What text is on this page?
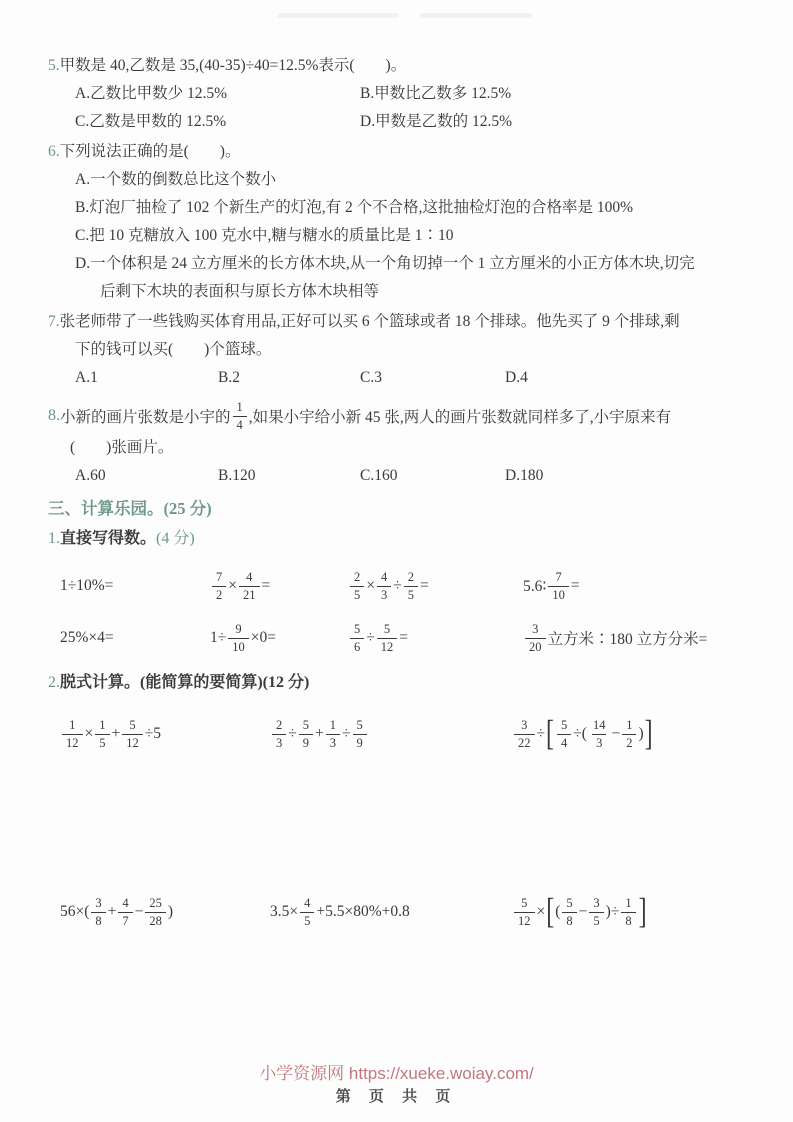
5.甲数是 40,乙数是 35,(40-35)÷40=12.5%表示(　　)。
A.乙数比甲数少 12.5%	B.甲数比乙数多 12.5%
C.乙数是甲数的 12.5%	D.甲数是乙数的 12.5%
6.下列说法正确的是(　　)。
A.一个数的倒数总比这个数小
B.灯泡厂抽检了 102 个新生产的灯泡,有 2 个不合格,这批抽检灯泡的合格率是 100%
C.把 10 克糖放入 100 克水中,糖与糖水的质量比是 1∶10
D.一个体积是 24 立方厘米的长方体木块,从一个角切掉一个 1 立方厘米的小正方体木块,切完
后剩下木块的表面积与原长方体木块相等
7.张老师带了一些钱购买体育用品,正好可以买 6 个篮球或者 18 个排球。他先买了 9 个排球,剩
下的钱可以买(　　)个篮球。
A.1	B.2	C.3	D.4
8. 小新的画片张数是小宇的 $\frac{1}{4}$ ,如果小宇给小新 45 张,两人的画片张数就同样多了,小宇原来有
(　　)张画片。
A.60	B.120	C.160	D.180
三、计算乐园。(25 分)
1.直接写得数。(4 分)
1÷10%=	$\frac{7}{2} \times \frac{4}{21}$ =	$\frac{2}{5} \times \frac{4}{3} \div \frac{2}{5}$ =	5.6∶ $\frac{7}{10}$ =
25%×4=	$1\div \frac{9}{10} \times 0=$	$\frac{5}{6} \div \frac{5}{12}$ =	$\frac{3}{20}$ 立方米∶180 立方分米=
2.脱式计算。(能简算的要简算)(12 分)
$\frac{1}{12} \times \frac{1}{5} + \frac{5}{12} \div 5$	$\frac{2}{3} \div \frac{5}{9} + \frac{1}{3} \div \frac{5}{9}$	$\frac{3}{22}$ ÷ [ $\frac{5}{4}$ ÷( $\frac{14}{3} - \frac{1}{2}$ ) ]
$56\times( \frac{3}{8} + \frac{4}{7} - \frac{25}{28}$ )	$3.5\times \frac{4}{5} +5.5\times 80\%+0.8$	$\frac{5}{12}$ × [ ( $\frac{5}{8} - \frac{3}{5}$ )÷ $\frac{1}{8}$ ]
小学资源网 https://xueke.woiay.com/
第 页 共 页
